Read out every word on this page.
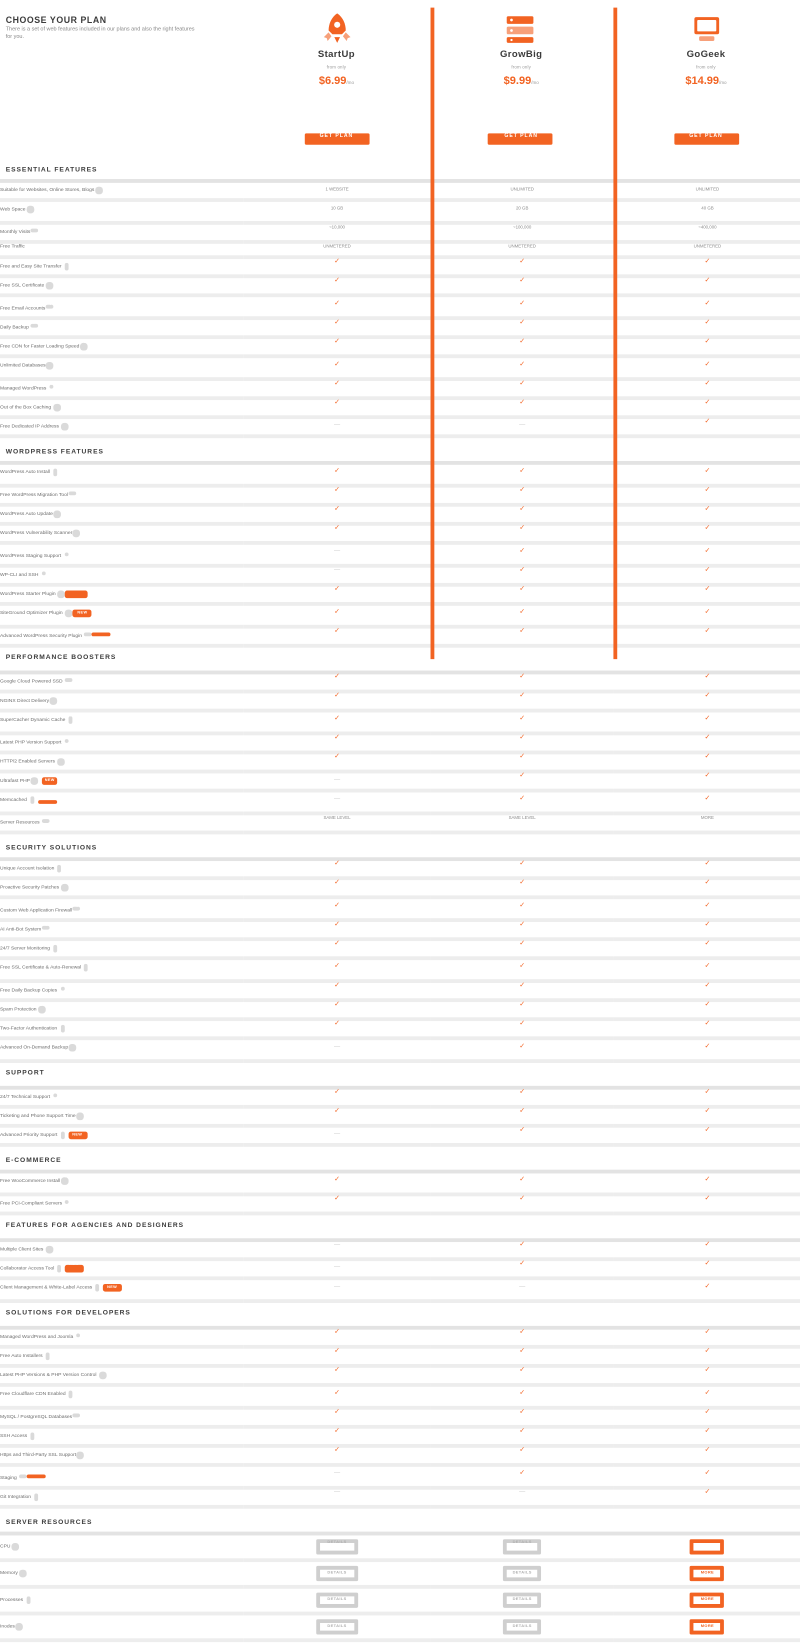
CHOOSE YOUR PLAN
There is a set of web features included in our plans and also the right features for you.
StartUp
from only
$6.99/mo
GET PLAN
GrowBig
from only
$9.99/mo
GET PLAN
GoGeek
from only
$14.99/mo
GET PLAN
ESSENTIAL FEATURES
Suitable for Websites, Online Stores, Blogs?	1 WEBSITE	UNLIMITED	UNLIMITED
Web Space?	10 GB	20 GB	40 GB
Monthly Visits?	~10,000	~100,000	~400,000
Free Traffic	UNMETERED	UNMETERED	UNMETERED
Free and Easy Site Transfer?	✓	✓	✓
Free SSL Certificate?	✓	✓	✓
Free Email Accounts?	✓	✓	✓
Daily Backup?	✓	✓	✓
Free CDN for Faster Loading Speed?	✓	✓	✓
Unlimited Databases?	✓	✓	✓
Managed WordPress?	✓	✓	✓
Out of the Box Caching?	✓	✓	✓
Free Dedicated IP Address?	—	—	✓
WORDPRESS FEATURES
WordPress Auto Install?	✓	✓	✓
Free WordPress Migration Tool?	✓	✓	✓
WordPress Auto Update?	✓	✓	✓
WordPress Vulnerability Scanner?	✓	✓	✓
WordPress Staging Support?	—	✓	✓
WP-CLI and SSH?	—	✓	✓
WordPress Starter Plugin? FREE	✓	✓	✓
SiteGround Optimizer Plugin? NEW	✓	✓	✓
Advanced WordPress Security Plugin? NEW	✓	✓	✓
PERFORMANCE BOOSTERS
Google Cloud Powered SSD?	✓	✓	✓
NGINX Direct Delivery?	✓	✓	✓
SuperCacher Dynamic Cache?	✓	✓	✓
Latest PHP Version Support?	✓	✓	✓
HTTP/2 Enabled Servers?	✓	✓	✓
Ultrafast PHP? NEW	—	✓	✓
Memcached? NEW	—	✓	✓
Server Resources?	SAME LEVEL	SAME LEVEL	MORE
SECURITY SOLUTIONS
Unique Account Isolation?	✓	✓	✓
Proactive Security Patches?	✓	✓	✓
Custom Web Application Firewall?	✓	✓	✓
AI Anti-Bot System?	✓	✓	✓
24/7 Server Monitoring?	✓	✓	✓
Free SSL Certificate & Auto-Renewal?	✓	✓	✓
Free Daily Backup Copies?	✓	✓	✓
Spam Protection?	✓	✓	✓
Two-Factor Authentication?	✓	✓	✓
Advanced On-Demand Backup?	—	✓	✓
SUPPORT
24/7 Technical Support?	✓	✓	✓
Ticketing and Phone Support Time?	✓	✓	✓
Advanced Priority Support? NEW	—	✓	✓
E-COMMERCE
Free WooCommerce Install?	✓	✓	✓
Free PCI-Compliant Servers?	✓	✓	✓
FEATURES FOR AGENCIES AND DESIGNERS
Multiple Client Sites?	—	✓	✓
Collaborator Access Tool? NEW	—	✓	✓
Client Management & White-Label Access? NEW	—	—	✓
SOLUTIONS FOR DEVELOPERS
Managed WordPress and Joomla?	✓	✓	✓
Free Auto Installers?	✓	✓	✓
Latest PHP Versions & PHP Version Control?	✓	✓	✓
Free Cloudflare CDN Enabled?	✓	✓	✓
MySQL / PostgreSQL Databases?	✓	✓	✓
SSH Access?	✓	✓	✓
Https and Third-Party SSL Support?	✓	✓	✓
Staging? NEW	—	✓	✓
Git Integration?	—	—	✓
SERVER RESOURCES
CPU?	DETAILS	DETAILS	MORE
Memory?	DETAILS	DETAILS	MORE
Processes?	DETAILS	DETAILS	MORE
Inodes?	DETAILS	DETAILS	MORE
